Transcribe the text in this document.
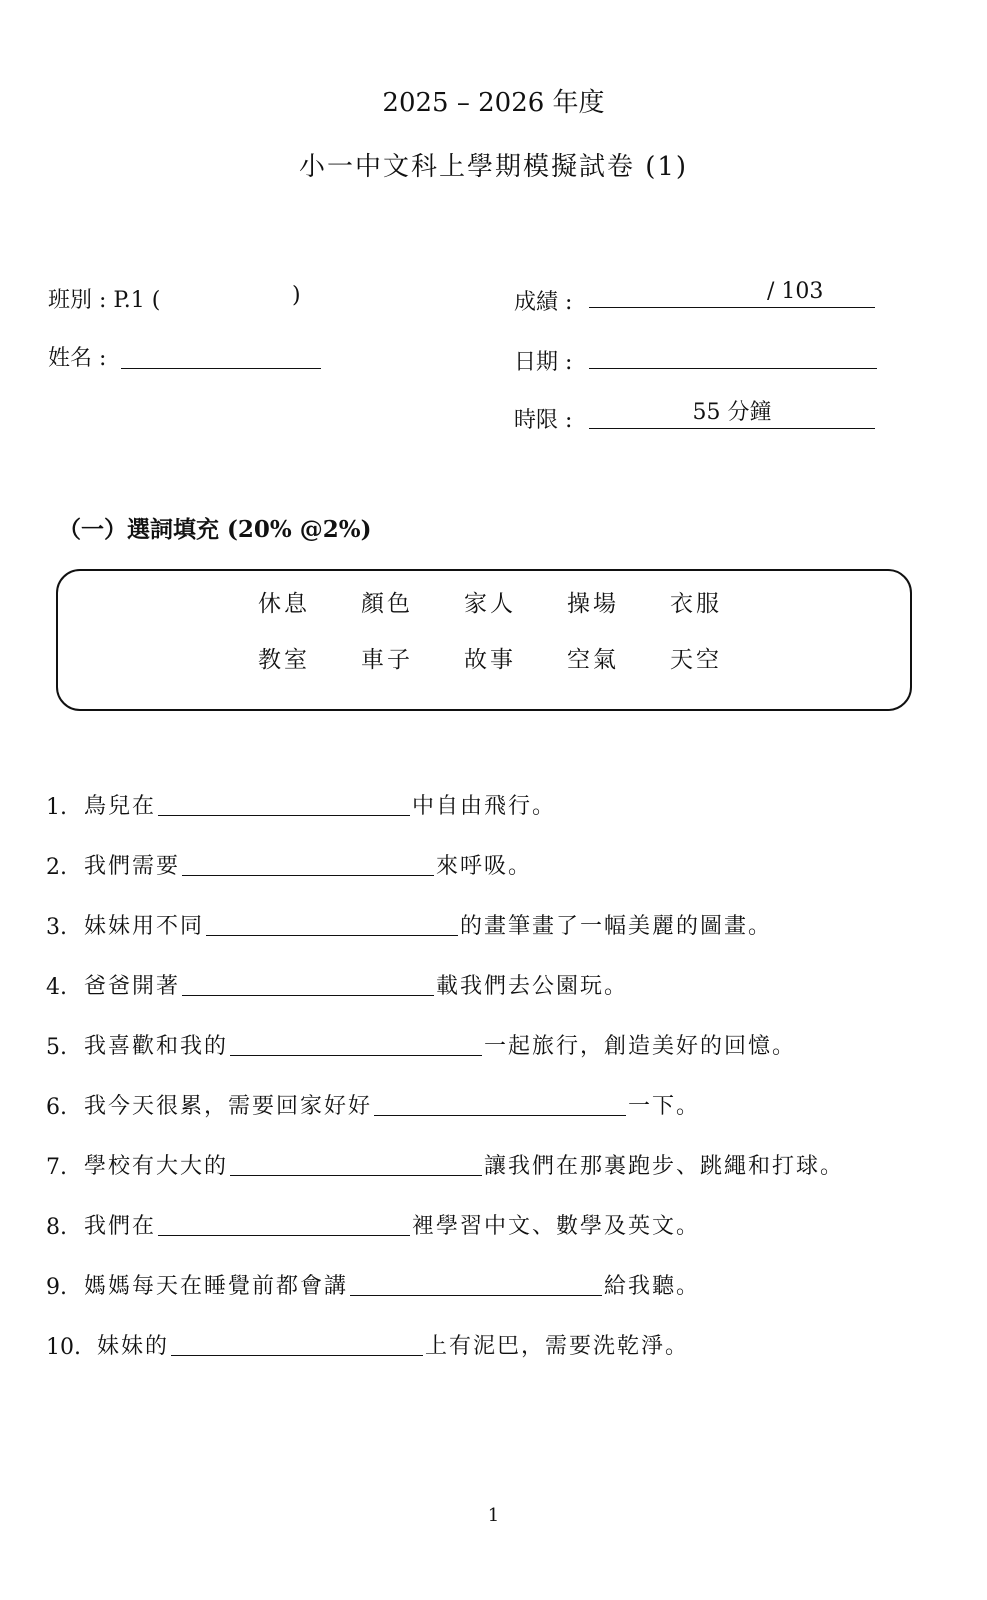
2025 – 2026 年度
小一中文科上學期模擬試卷 (1)
班別 : P.1 (	)
姓名 :
成績 :	/ 103
日期 :
時限 :	55 分鐘
（一）選詞填充 (20% @2%)
休息	顏色	家人	操場	衣服
教室	車子	故事	空氣	天空
1. 鳥兒在	中自由飛行。
2. 我們需要	來呼吸。
3. 妹妹用不同	的畫筆畫了一幅美麗的圖畫。
4. 爸爸開著	載我們去公園玩。
5. 我喜歡和我的	一起旅行，創造美好的回憶。
6. 我今天很累，需要回家好好	一下。
7. 學校有大大的	讓我們在那裏跑步、跳繩和打球。
8. 我們在	裡學習中文、數學及英文。
9. 媽媽每天在睡覺前都會講	給我聽。
10. 妹妹的	上有泥巴，需要洗乾淨。
1
